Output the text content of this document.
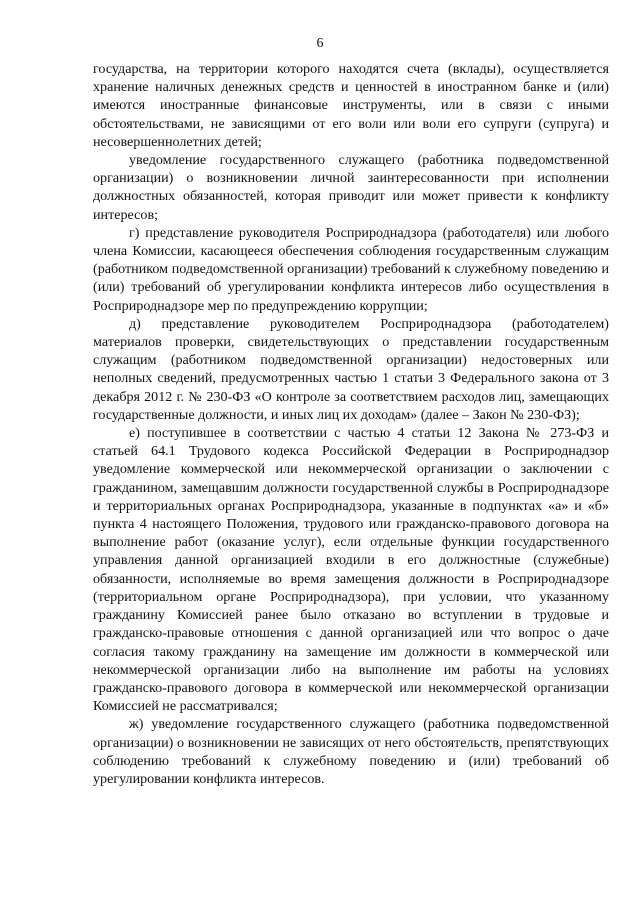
6

государства, на территории которого находятся счета (вклады), осуществляется хранение наличных денежных средств и ценностей в иностранном банке и (или) имеются иностранные финансовые инструменты, или в связи с иными обстоятельствами, не зависящими от его воли или воли его супруги (супруга) и несовершеннолетних детей;

уведомление государственного служащего (работника подведомственной организации) о возникновении личной заинтересованности при исполнении должностных обязанностей, которая приводит или может привести к конфликту интересов;

г) представление руководителя Росприроднадзора (работодателя) или любого члена Комиссии, касающееся обеспечения соблюдения государственным служащим (работником подведомственной организации) требований к служебному поведению и (или) требований об урегулировании конфликта интересов либо осуществления в Росприроднадзоре мер по предупреждению коррупции;

д) представление руководителем Росприроднадзора (работодателем) материалов проверки, свидетельствующих о представлении государственным служащим (работником подведомственной организации) недостоверных или неполных сведений, предусмотренных частью 1 статьи 3 Федерального закона от 3 декабря 2012 г. № 230-ФЗ «О контроле за соответствием расходов лиц, замещающих государственные должности, и иных лиц их доходам» (далее – Закон № 230-ФЗ);

е) поступившее в соответствии с частью 4 статьи 12 Закона № 273-ФЗ и статьей 64.1 Трудового кодекса Российской Федерации в Росприроднадзор уведомление коммерческой или некоммерческой организации о заключении с гражданином, замещавшим должности государственной службы в Росприроднадзоре и территориальных органах Росприроднадзора, указанные в подпунктах «а» и «б» пункта 4 настоящего Положения, трудового или гражданско-правового договора на выполнение работ (оказание услуг), если отдельные функции государственного управления данной организацией входили в его должностные (служебные) обязанности, исполняемые во время замещения должности в Росприроднадзоре (территориальном органе Росприроднадзора), при условии, что указанному гражданину Комиссией ранее было отказано во вступлении в трудовые и гражданско-правовые отношения с данной организацией или что вопрос о даче согласия такому гражданину на замещение им должности в коммерческой или некоммерческой организации либо на выполнение им работы на условиях гражданско-правового договора в коммерческой или некоммерческой организации Комиссией не рассматривался;

ж) уведомление государственного служащего (работника подведомственной организации) о возникновении не зависящих от него обстоятельств, препятствующих соблюдению требований к служебному поведению и (или) требований об урегулировании конфликта интересов.
